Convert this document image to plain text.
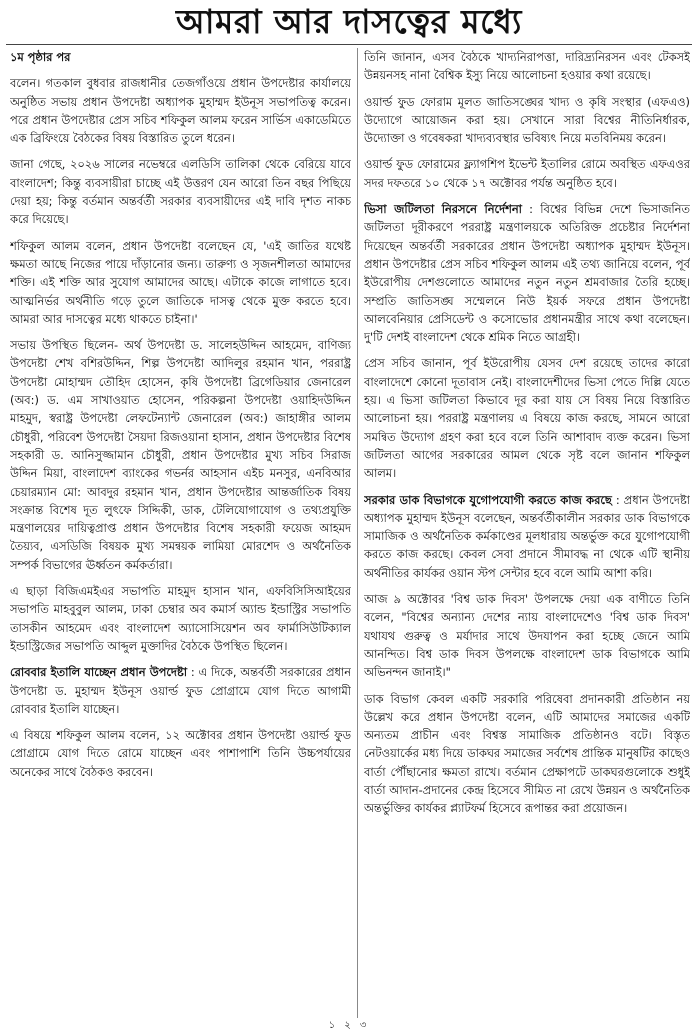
আমরা আর দাসত্বের মধ্যে

১ম পৃষ্ঠার পর

বলেন। গতকাল বুধবার রাজধানীর তেজগাঁওয়ে প্রধান উপদেষ্টার কার্যালয়ে অনুষ্ঠিত সভায় প্রধান উপদেষ্টা অধ্যাপক মুহাম্মদ ইউনূস সভাপতিত্ব করেন। পরে প্রধান উপদেষ্টার প্রেস সচিব শফিকুল আলম ফরেন সার্ভিস একাডেমিতে এক ব্রিফিংয়ে বৈঠকের বিষয় বিস্তারিত তুলে ধরেন।

জানা গেছে, ২০২৬ সালের নভেম্বরে এলডিসি তালিকা থেকে বেরিয়ে যাবে বাংলাদেশ; কিন্তু ব্যবসায়ীরা চাচ্ছে এই উত্তরণ যেন আরো তিন বছর পিছিয়ে দেয়া হয়; কিন্তু বর্তমান অন্তর্বর্তী সরকার ব্যবসায়ীদের এই দাবি দৃশত নাকচ করে দিয়েছে।

শফিকুল আলম বলেন, প্রধান উপদেষ্টা বলেছেন যে, 'এই জাতির যথেষ্ট ক্ষমতা আছে নিজের পায়ে দাঁড়ানোর জন্য। তারুণ্য ও সৃজনশীলতা আমাদের শক্তি। এই শক্তি আর সুযোগ আমাদের আছে। এটাকে কাজে লাগাতে হবে। আত্মনির্ভর অর্থনীতি গড়ে তুলে জাতিকে দাসত্ব থেকে মুক্ত করতে হবে। আমরা আর দাসত্বের মধ্যে থাকতে চাইনা।'

সভায় উপস্থিত ছিলেন- অর্থ উপদেষ্টা ড. সালেহউদ্দিন আহমেদ, বাণিজ্য উপদেষ্টা শেখ বশিরউদ্দিন, শিল্প উপদেষ্টা আদিলুর রহমান খান, পররাষ্ট্র উপদেষ্টা মোহাম্মদ তৌহিদ হোসেন, কৃষি উপদেষ্টা ব্রিগেডিয়ার জেনারেল (অব:) ড. এম সাখাওয়াত হোসেন, পরিকল্পনা উপদেষ্টা ওয়াহিদউদ্দিন মাহমুদ, স্বরাষ্ট্র উপদেষ্টা লেফটেন্যান্ট জেনারেল (অব:) জাহাঙ্গীর আলম চৌধুরী, পরিবেশ উপদেষ্টা সৈয়দা রিজওয়ানা হাসান, প্রধান উপদেষ্টার বিশেষ সহকারী ড. আনিসুজ্জামান চৌধুরী, প্রধান উপদেষ্টার মুখ্য সচিব সিরাজ উদ্দিন মিয়া, বাংলাদেশ ব্যাংকের গভর্নর আহসান এইচ মনসুর, এনবিআর চেয়ারম্যান মো: আবদুর রহমান খান, প্রধান উপদেষ্টার আন্তর্জাতিক বিষয় সংক্রান্ত বিশেষ দূত লুৎফে সিদ্দিকী, ডাক, টেলিযোগাযোগ ও তথ্যপ্রযুক্তি মন্ত্রণালয়ের দায়িত্বপ্রাপ্ত প্রধান উপদেষ্টার বিশেষ সহকারী ফয়েজ আহমদ তৈয়্যব, এসডিজি বিষয়ক মুখ্য সমন্বয়ক লামিয়া মোরশেদ ও অর্থনৈতিক সম্পর্ক বিভাগের ঊর্ধ্বতন কর্মকর্তারা।

এ ছাড়া বিজিএমইএর সভাপতি মাহমুদ হাসান খান, এফবিসিসিআইয়ের সভাপতি মাহবুবুল আলম, ঢাকা চেম্বার অব কমার্স অ্যান্ড ইন্ডাস্ট্রির সভাপতি তাসকীন আহমেদ এবং বাংলাদেশ অ্যাসোসিয়েশন অব ফার্মাসিউটিক্যাল ইন্ডাস্ট্রিজের সভাপতি আব্দুল মুক্তাদির বৈঠকে উপস্থিত ছিলেন।

রোববার ইতালি যাচ্ছেন প্রধান উপদেষ্টা : এ দিকে, অন্তর্বর্তী সরকারের প্রধান উপদেষ্টা ড. মুহাম্মদ ইউনূস ওয়ার্ল্ড ফুড প্রোগ্রামে যোগ দিতে আগামী রোববার ইতালি যাচ্ছেন।

এ বিষয়ে শফিকুল আলম বলেন, ১২ অক্টোবর প্রধান উপদেষ্টা ওয়ার্ল্ড ফুড প্রোগ্রামে যোগ দিতে রোমে যাচ্ছেন এবং পাশাপাশি তিনি উচ্চপর্যায়ের অনেকের সাথে বৈঠকও করবেন।

তিনি জানান, এসব বৈঠকে খাদ্যনিরাপত্তা, দারিদ্র্যনিরসন এবং টেকসই উন্নয়নসহ নানা বৈশ্বিক ইস্যু নিয়ে আলোচনা হওয়ার কথা রয়েছে।

ওয়ার্ল্ড ফুড ফোরাম মূলত জাতিসঙ্ঘের খাদ্য ও কৃষি সংস্থার (এফএও) উদ্যোগে আয়োজন করা হয়। সেখানে সারা বিশ্বের নীতিনির্ধারক, উদ্যোক্তা ও গবেষকরা খাদ্যব্যবস্থার ভবিষ্যৎ নিয়ে মতবিনিময় করেন।

ওয়ার্ল্ড ফুড ফোরামের ফ্ল্যাগশিপ ইভেন্ট ইতালির রোমে অবস্থিত এফএওর সদর দফতরে ১০ থেকে ১৭ অক্টোবর পর্যন্ত অনুষ্ঠিত হবে।

ভিসা জটিলতা নিরসনে নির্দেশনা : বিশ্বের বিভিন্ন দেশে ভিসাজনিত জটিলতা দূরীকরণে পররাষ্ট্র মন্ত্রণালয়কে অতিরিক্ত প্রচেষ্টার নির্দেশনা দিয়েছেন অন্তর্বর্তী সরকারের প্রধান উপদেষ্টা অধ্যাপক মুহাম্মদ ইউনূস। প্রধান উপদেষ্টার প্রেস সচিব শফিকুল আলম এই তথ্য জানিয়ে বলেন, পূর্ব ইউরোপীয় দেশগুলোতে আমাদের নতুন নতুন শ্রমবাজার তৈরি হচ্ছে। সম্প্রতি জাতিসঙ্ঘ সম্মেলনে নিউ ইয়র্ক সফরে প্রধান উপদেষ্টা আলবেনিয়ার প্রেসিডেন্ট ও কসোভোর প্রধানমন্ত্রীর সাথে কথা বলেছেন। দু'টি দেশই বাংলাদেশ থেকে শ্রমিক নিতে আগ্রহী।

প্রেস সচিব জানান, পূর্ব ইউরোপীয় যেসব দেশ রয়েছে তাদের কারো বাংলাদেশে কোনো দূতাবাস নেই। বাংলাদেশীদের ভিসা পেতে দিল্লি যেতে হয়। এ ভিসা জটিলতা কিভাবে দূর করা যায় সে বিষয় নিয়ে বিস্তারিত আলোচনা হয়। পররাষ্ট্র মন্ত্রণালয় এ বিষয়ে কাজ করছে, সামনে আরো সমন্বিত উদ্যোগ গ্রহণ করা হবে বলে তিনি আশাবাদ ব্যক্ত করেন। ভিসা জটিলতা আগের সরকারের আমল থেকে সৃষ্ট বলে জানান শফিকুল আলম।

সরকার ডাক বিভাগকে যুগোপযোগী করতে কাজ করছে : প্রধান উপদেষ্টা অধ্যাপক মুহাম্মদ ইউনূস বলেছেন, অন্তর্বর্তীকালীন সরকার ডাক বিভাগকে সামাজিক ও অর্থনৈতিক কর্মকাণ্ডের মূলধারায় অন্তর্ভুক্ত করে যুগোপযোগী করতে কাজ করছে। কেবল সেবা প্রদানে সীমাবদ্ধ না থেকে এটি স্থানীয় অর্থনীতির কার্যকর ওয়ান স্টপ সেন্টার হবে বলে আমি আশা করি।

আজ ৯ অক্টোবর 'বিশ্ব ডাক দিবস' উপলক্ষে দেয়া এক বাণীতে তিনি বলেন, "বিশ্বের অন্যান্য দেশের ন্যায় বাংলাদেশেও 'বিশ্ব ডাক দিবস' যথাযথ গুরুত্ব ও মর্যাদার সাথে উদযাপন করা হচ্ছে জেনে আমি আনন্দিত। বিশ্ব ডাক দিবস উপলক্ষে বাংলাদেশ ডাক বিভাগকে আমি অভিনন্দন জানাই।"

ডাক বিভাগ কেবল একটি সরকারি পরিষেবা প্রদানকারী প্রতিষ্ঠান নয় উল্লেখ করে প্রধান উপদেষ্টা বলেন, এটি আমাদের সমাজের একটি অন্যতম প্রাচীন এবং বিশ্বস্ত সামাজিক প্রতিষ্ঠানও বটে। বিস্তৃত নেটওয়ার্কের মধ্য দিয়ে ডাকঘর সমাজের সর্বশেষ প্রান্তিক মানুষটির কাছেও বার্তা পৌঁছানোর ক্ষমতা রাখে। বর্তমান প্রেক্ষাপটে ডাকঘরগুলোকে শুধুই বার্তা আদান-প্রদানের কেন্দ্র হিসেবে সীমিত না রেখে উন্নয়ন ও অর্থনৈতিক অন্তর্ভুক্তির কার্যকর প্ল্যাটফর্ম হিসেবে রূপান্তর করা প্রয়োজন।

১ ২ ৩
